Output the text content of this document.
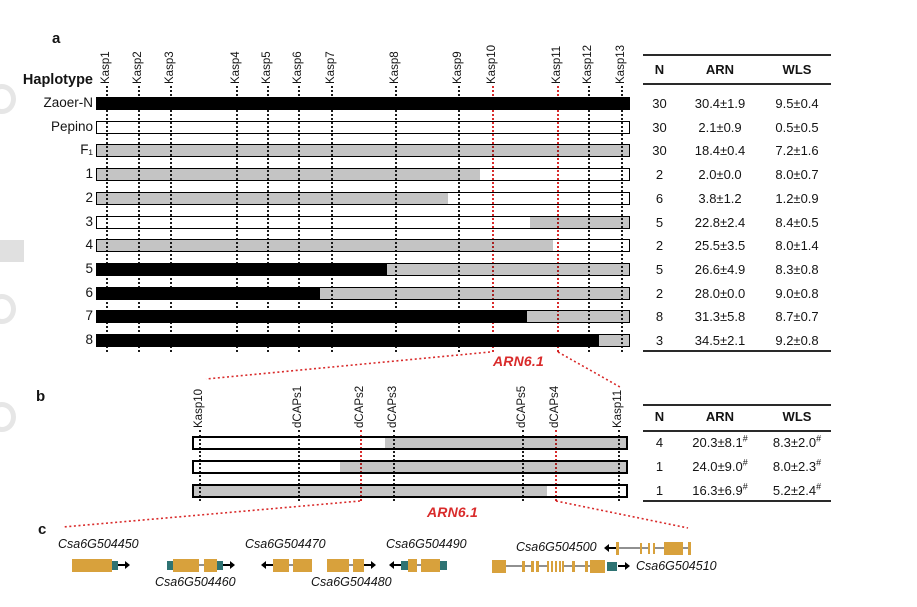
a
b
c
Haplotype
ARN6.1
ARN6.1
Zaoer-N	30	30.4±1.9	9.5±0.4
Pepino	30	2.1±0.9	0.5±0.5
F₁	30	18.4±0.4	7.2±1.6
1	2	2.0±0.0	8.0±0.7
2	6	3.8±1.2	1.2±0.9
3	5	22.8±2.4	8.4±0.5
4	2	25.5±3.5	8.0±1.4
5	5	26.6±4.9	8.3±0.8
6	2	28.0±0.0	9.0±0.8
7	8	31.3±5.8	8.7±0.7
8	3	34.5±2.1	9.2±0.8
Kasp1 Kasp2 Kasp3	Kasp4 Kasp5 Kasp6 Kasp7	Kasp8	Kasp9 Kasp10	Kasp11 Kasp12 Kasp13	N	ARN	WLS
4	20.3±8.1#	8.3±2.0#
1	24.0±9.0#	8.0±2.3#
1	16.3±6.9#	5.2±2.4#
Kasp10	dCAPs1	dCAPs2 dCAPs3	dCAPs5 dCAPs4	Kasp11	N	ARN	WLS
Csa6G504450
Csa6G504460
Csa6G504470
Csa6G504480
Csa6G504490	Csa6G504500
Csa6G504510
